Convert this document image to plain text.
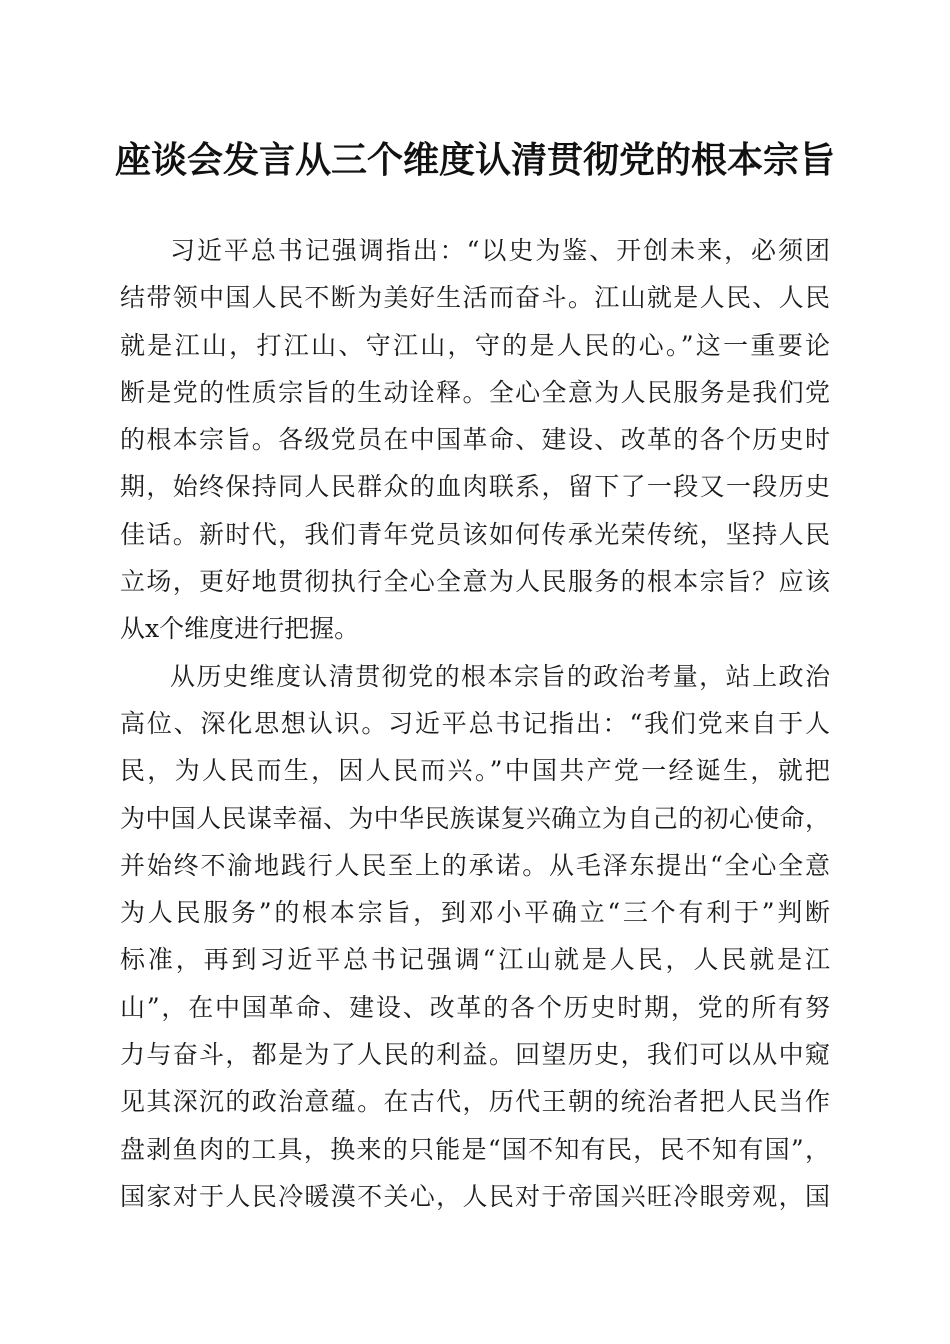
座谈会发言从三个维度认清贯彻党的根本宗旨
习近平总书记强调指出：“以史为鉴、开创未来，必须团
结带领中国人民不断为美好生活而奋斗。江山就是人民、人民
就是江山，打江山、守江山，守的是人民的心。”这一重要论
断是党的性质宗旨的生动诠释。全心全意为人民服务是我们党
的根本宗旨。各级党员在中国革命、建设、改革的各个历史时
期，始终保持同人民群众的血肉联系，留下了一段又一段历史
佳话。新时代，我们青年党员该如何传承光荣传统，坚持人民
立场，更好地贯彻执行全心全意为人民服务的根本宗旨？应该
从x个维度进行把握。
从历史维度认清贯彻党的根本宗旨的政治考量，站上政治
高位、深化思想认识。习近平总书记指出：“我们党来自于人
民，为人民而生，因人民而兴。”中国共产党一经诞生，就把
为中国人民谋幸福、为中华民族谋复兴确立为自己的初心使命，
并始终不渝地践行人民至上的承诺。从毛泽东提出“全心全意
为人民服务”的根本宗旨，到邓小平确立“三个有利于”判断
标准，再到习近平总书记强调“江山就是人民，人民就是江
山”，在中国革命、建设、改革的各个历史时期，党的所有努
力与奋斗，都是为了人民的利益。回望历史，我们可以从中窥
见其深沉的政治意蕴。在古代，历代王朝的统治者把人民当作
盘剥鱼肉的工具，换来的只能是“国不知有民，民不知有国”，
国家对于人民冷暖漠不关心，人民对于帝国兴旺冷眼旁观，国
